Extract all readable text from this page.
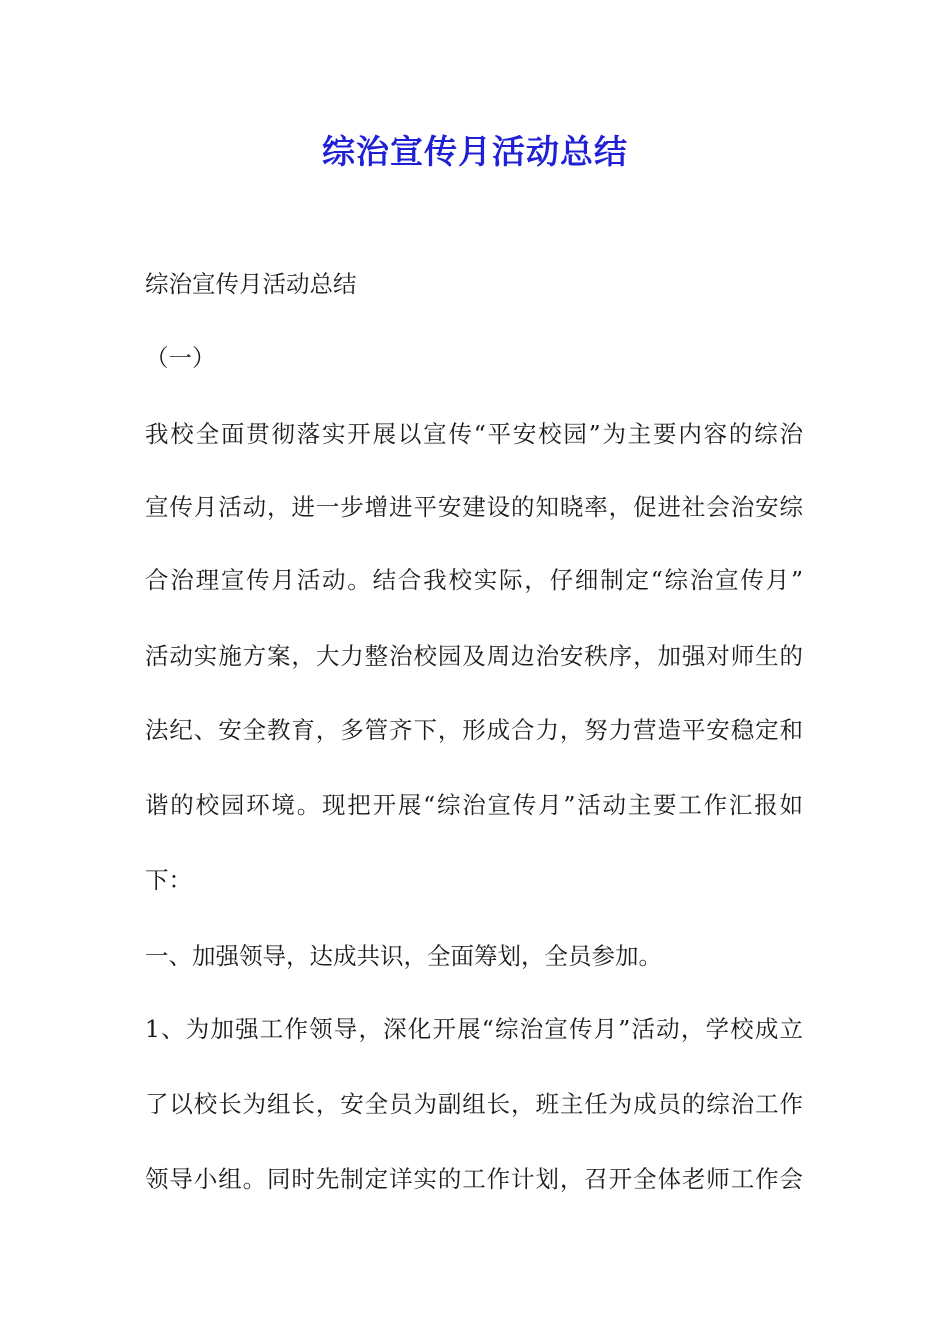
综治宣传月活动总结
综治宣传月活动总结
（一）
我校全面贯彻落实开展以宣传“平安校园”为主要内容的综治
宣传月活动，进一步增进平安建设的知晓率，促进社会治安综
合治理宣传月活动。结合我校实际，仔细制定“综治宣传月”
活动实施方案，大力整治校园及周边治安秩序，加强对师生的
法纪、安全教育，多管齐下，形成合力，努力营造平安稳定和
谐的校园环境。现把开展“综治宣传月”活动主要工作汇报如
下：
一、加强领导，达成共识，全面筹划，全员参加。
1、为加强工作领导，深化开展“综治宣传月”活动，学校成立
了以校长为组长，安全员为副组长，班主任为成员的综治工作
领导小组。同时先制定详实的工作计划，召开全体老师工作会
